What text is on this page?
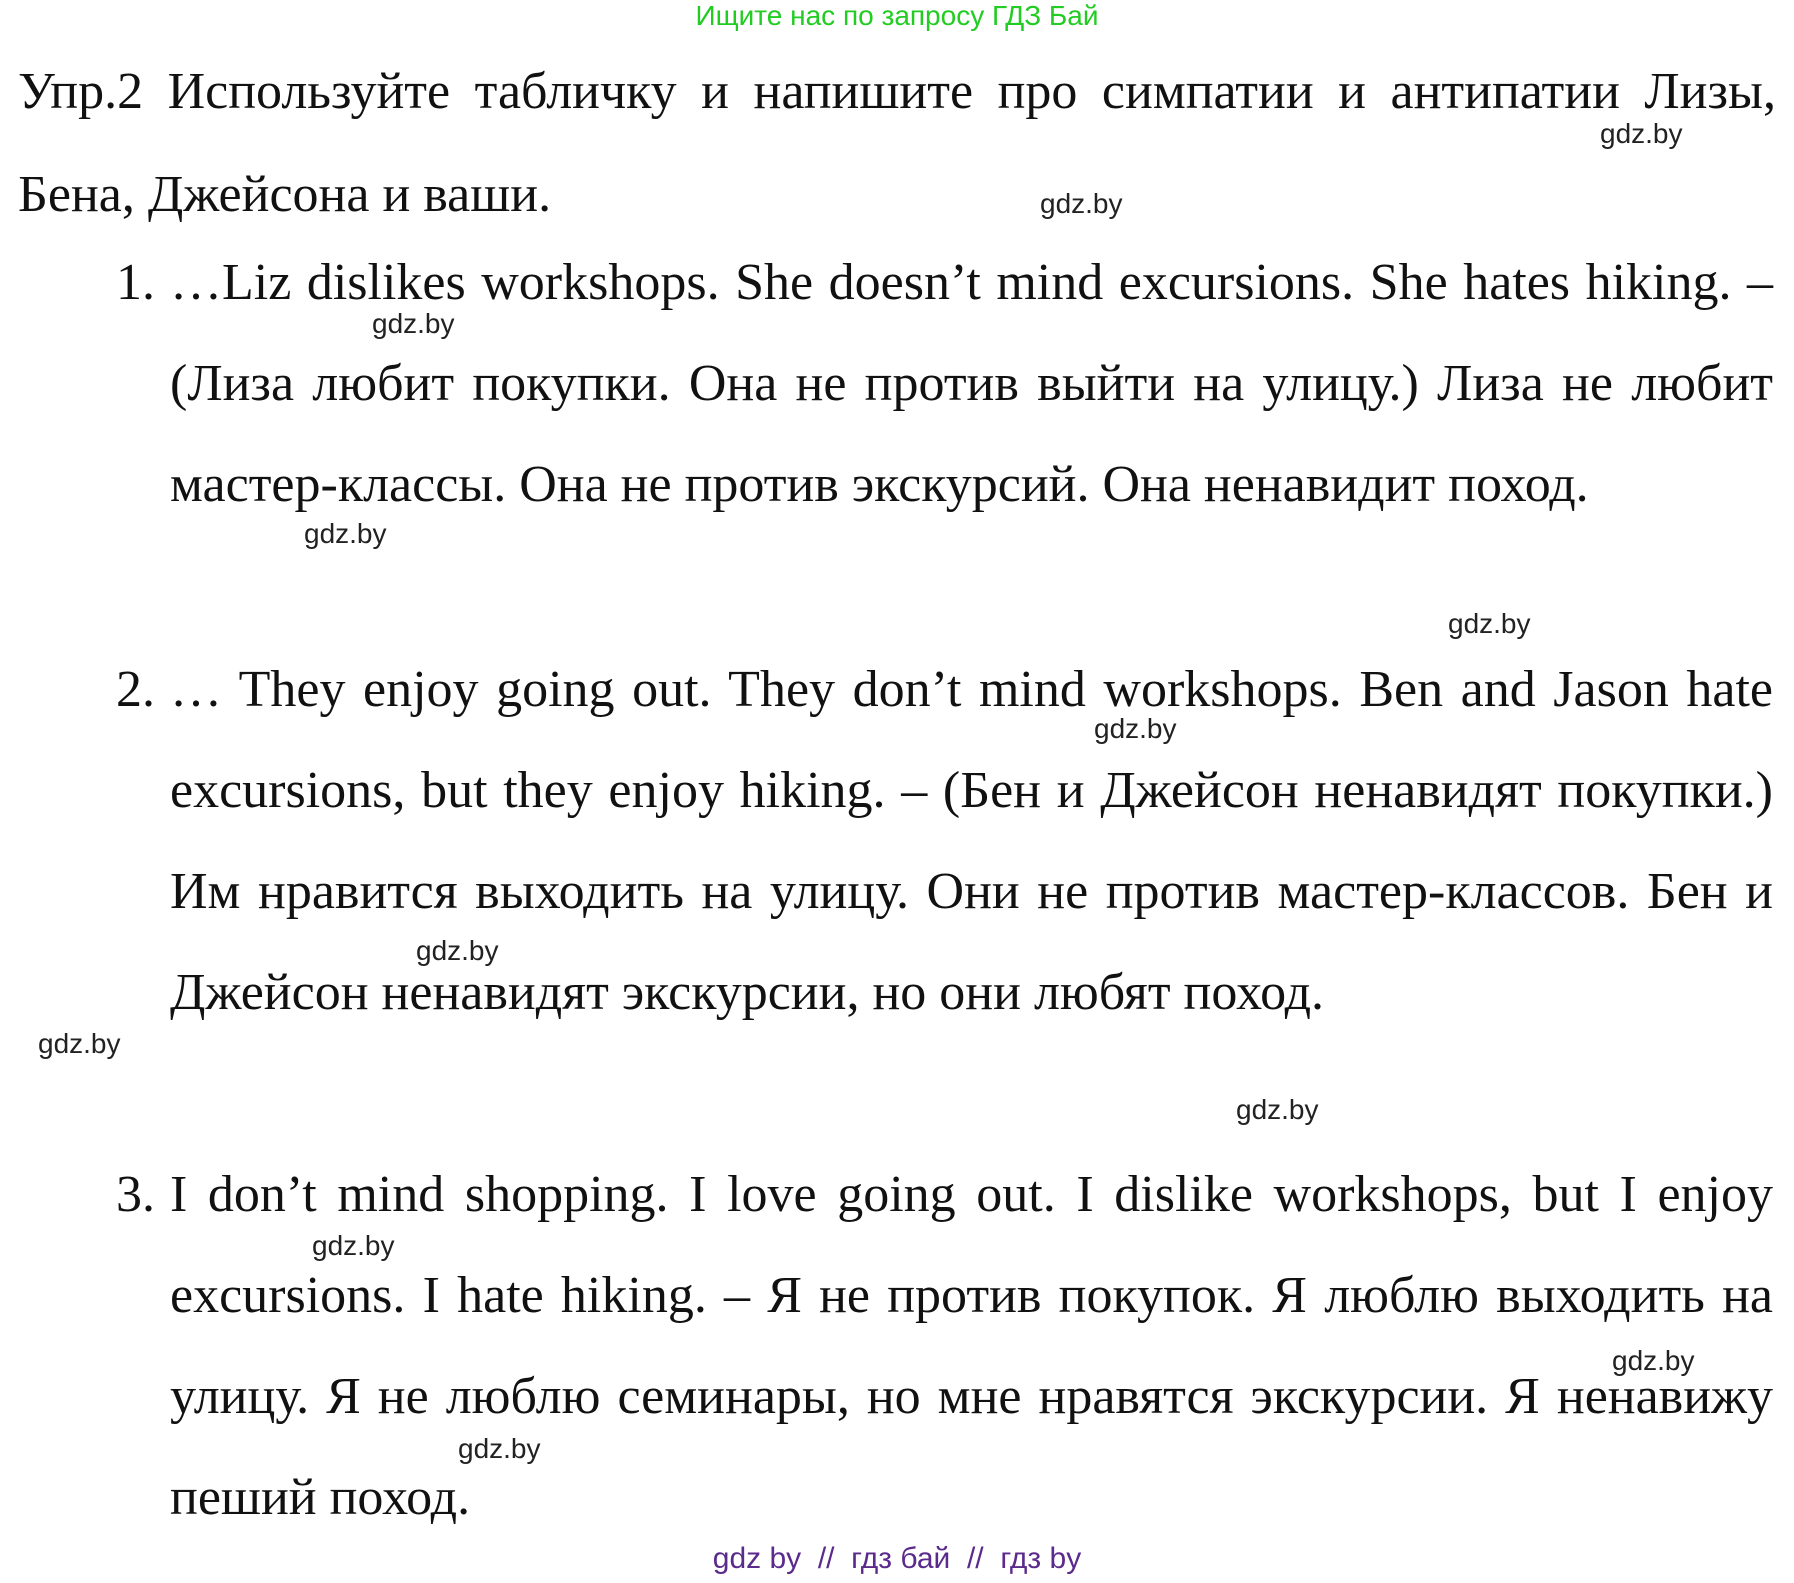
Ищите нас по запросу ГДЗ Бай
Упр.2 Используйте табличку и напишите про симпатии и антипатии Лизы, Бена, Джейсона и ваши.
1. …Liz dislikes workshops. She doesn’t mind excursions. She hates hiking. – (Лиза любит покупки. Она не против выйти на улицу.) Лиза не любит мастер-классы. Она не против экскурсий. Она ненавидит поход.
2. … They enjoy going out. They don’t mind workshops. Ben and Jason hate excursions, but they enjoy hiking. – (Бен и Джейсон ненавидят покупки.) Им нравится выходить на улицу. Они не против мастер-классов. Бен и Джейсон ненавидят экскурсии, но они любят поход.
3. I don’t mind shopping. I love going out. I dislike workshops, but I enjoy excursions. I hate hiking. – Я не против покупок. Я люблю выходить на улицу. Я не люблю семинары, но мне нравятся экскурсии. Я ненавижу пеший поход.
gdz.by
gdz.by
gdz.by
gdz.by
gdz.by
gdz.by
gdz.by
gdz.by
gdz.by
gdz.by
gdz.by
gdz.by
gdz by  //  гдз бай  //  гдз by
